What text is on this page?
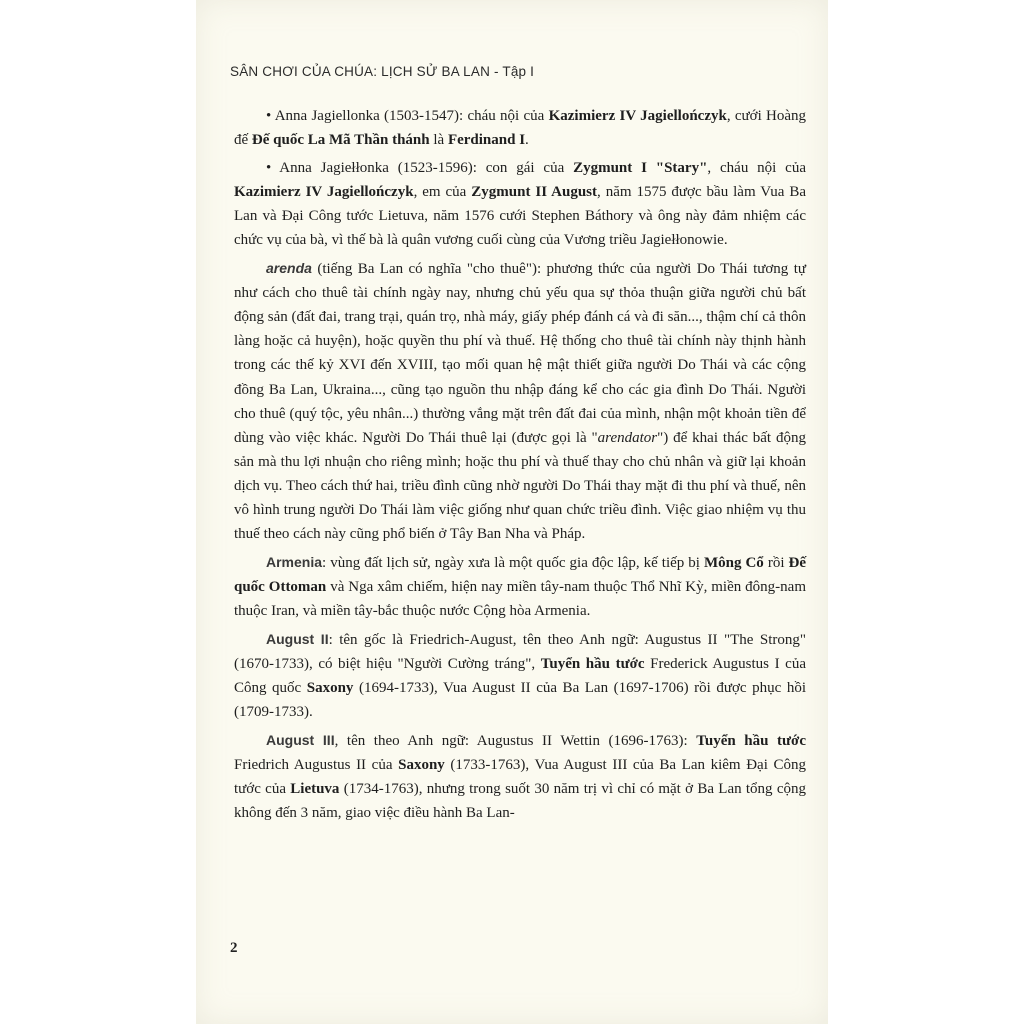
SÂN CHƠI CỦA CHÚA: LỊCH SỬ BA LAN - Tập I

• Anna Jagiellonka (1503-1547): cháu nội của Kazimierz IV Jagiellończyk, cưới Hoàng đế Đế quốc La Mã Thần thánh là Ferdinand I.

• Anna Jagiełłonka (1523-1596): con gái của Zygmunt I "Stary", cháu nội của Kazimierz IV Jagiellończyk, em của Zygmunt II August, năm 1575 được bầu làm Vua Ba Lan và Đại Công tước Lietuva, năm 1576 cưới Stephen Báthory và ông này đảm nhiệm các chức vụ của bà, vì thế bà là quân vương cuối cùng của Vương triều Jagiełłonowie.

arenda (tiếng Ba Lan có nghĩa "cho thuê"): phương thức của người Do Thái tương tự như cách cho thuê tài chính ngày nay, nhưng chủ yếu qua sự thỏa thuận giữa người chủ bất động sản (đất đai, trang trại, quán trọ, nhà máy, giấy phép đánh cá và đi săn..., thậm chí cả thôn làng hoặc cả huyện), hoặc quyền thu phí và thuế. Hệ thống cho thuê tài chính này thịnh hành trong các thế kỷ XVI đến XVIII, tạo mối quan hệ mật thiết giữa người Do Thái và các cộng đồng Ba Lan, Ukraina..., cũng tạo nguồn thu nhập đáng kể cho các gia đình Do Thái. Người cho thuê (quý tộc, yêu nhân...) thường vắng mặt trên đất đai của mình, nhận một khoản tiền để dùng vào việc khác. Người Do Thái thuê lại (được gọi là "arendator") để khai thác bất động sản mà thu lợi nhuận cho riêng mình; hoặc thu phí và thuế thay cho chủ nhân và giữ lại khoản dịch vụ. Theo cách thứ hai, triều đình cũng nhờ người Do Thái thay mặt đi thu phí và thuế, nên vô hình trung người Do Thái làm việc giống như quan chức triều đình. Việc giao nhiệm vụ thu thuế theo cách này cũng phổ biến ở Tây Ban Nha và Pháp.

Armenia: vùng đất lịch sử, ngày xưa là một quốc gia độc lập, kế tiếp bị Mông Cổ rồi Đế quốc Ottoman và Nga xâm chiếm, hiện nay miền tây-nam thuộc Thổ Nhĩ Kỳ, miền đông-nam thuộc Iran, và miền tây-bắc thuộc nước Cộng hòa Armenia.

August II: tên gốc là Friedrich-August, tên theo Anh ngữ: Augustus II "The Strong" (1670-1733), có biệt hiệu "Người Cường tráng", Tuyển hầu tước Frederick Augustus I của Công quốc Saxony (1694-1733), Vua August II của Ba Lan (1697-1706) rồi được phục hồi (1709-1733).

August III, tên theo Anh ngữ: Augustus II Wettin (1696-1763): Tuyển hầu tước Friedrich Augustus II của Saxony (1733-1763), Vua August III của Ba Lan kiêm Đại Công tước của Lietuva (1734-1763), nhưng trong suốt 30 năm trị vì chỉ có mặt ở Ba Lan tổng cộng không đến 3 năm, giao việc điều hành Ba Lan-

2
